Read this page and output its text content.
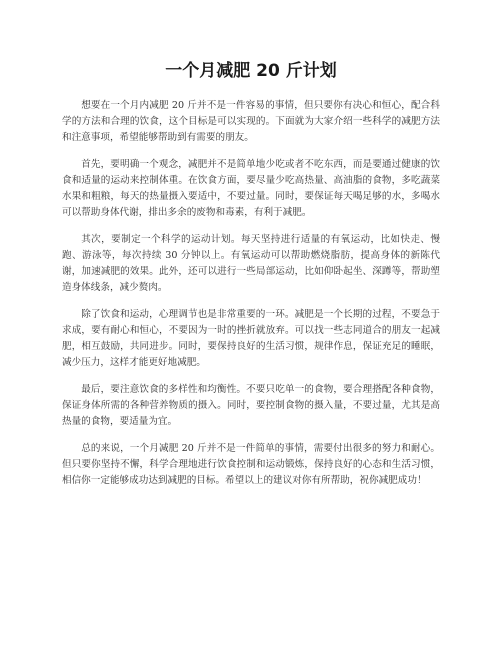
一个月减肥 20 斤计划

想要在一个月内减肥 20 斤并不是一件容易的事情，但只要你有决心和恒心，配合科学的方法和合理的饮食，这个目标是可以实现的。下面就为大家介绍一些科学的减肥方法和注意事项，希望能够帮助到有需要的朋友。

首先，要明确一个观念，减肥并不是简单地少吃或者不吃东西，而是要通过健康的饮食和适量的运动来控制体重。在饮食方面，要尽量少吃高热量、高油脂的食物，多吃蔬菜水果和粗粮，每天的热量摄入要适中，不要过量。同时，要保证每天喝足够的水，多喝水可以帮助身体代谢，排出多余的废物和毒素，有利于减肥。

其次，要制定一个科学的运动计划。每天坚持进行适量的有氧运动，比如快走、慢跑、游泳等，每次持续 30 分钟以上。有氧运动可以帮助燃烧脂肪，提高身体的新陈代谢，加速减肥的效果。此外，还可以进行一些局部运动，比如仰卧起坐、深蹲等，帮助塑造身体线条，减少赘肉。

除了饮食和运动，心理调节也是非常重要的一环。减肥是一个长期的过程，不要急于求成，要有耐心和恒心，不要因为一时的挫折就放弃。可以找一些志同道合的朋友一起减肥，相互鼓励，共同进步。同时，要保持良好的生活习惯，规律作息，保证充足的睡眠，减少压力，这样才能更好地减肥。

最后，要注意饮食的多样性和均衡性。不要只吃单一的食物，要合理搭配各种食物，保证身体所需的各种营养物质的摄入。同时，要控制食物的摄入量，不要过量，尤其是高热量的食物，要适量为宜。

总的来说，一个月减肥 20 斤并不是一件简单的事情，需要付出很多的努力和耐心。但只要你坚持不懈，科学合理地进行饮食控制和运动锻炼，保持良好的心态和生活习惯，相信你一定能够成功达到减肥的目标。希望以上的建议对你有所帮助，祝你减肥成功！
